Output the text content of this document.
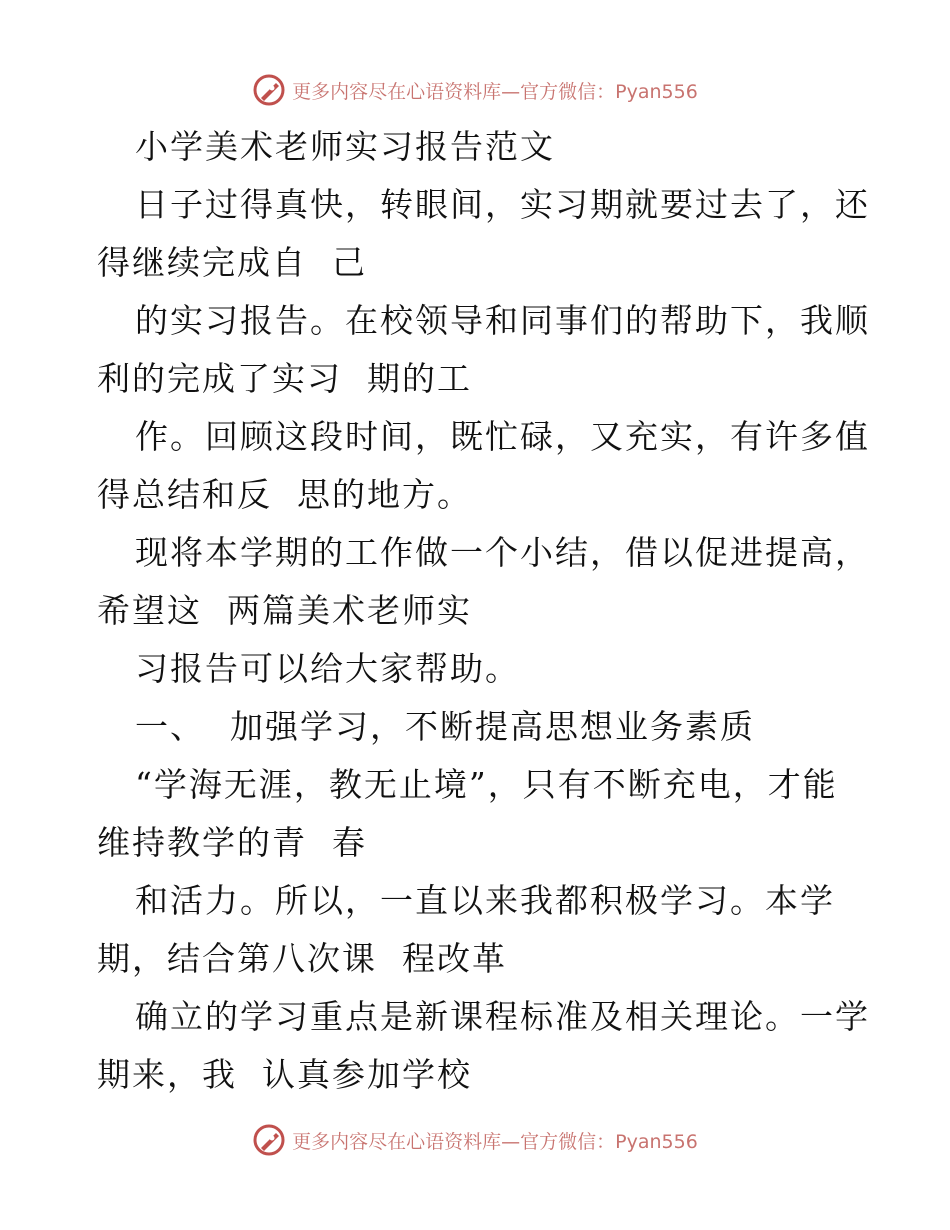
更多内容尽在心语资料库— 官方微信：Pyan556
小学美术老师实习报告范文
日子过得真快，转眼间，实习期就要过去了，还
得继续完成自  己
的实习报告。在校领导和同事们的帮助下，我顺
利的完成了实习  期的工
作。回顾这段时间，既忙碌，又充实，有许多值
得总结和反  思的地方。
现将本学期的工作做一个小结，借以促进提高，
希望这  两篇美术老师实
习报告可以给大家帮助。
一、  加强学习，不断提高思想业务素质
“学海无涯，教无止境”，只有不断充电，才能
维持教学的青  春
和活力。所以，一直以来我都积极学习。本学
期，结合第八次课  程改革
确立的学习重点是新课程标准及相关理论。一学
期来，我  认真参加学校
更多内容尽在心语资料库— 官方微信：Pyan556
